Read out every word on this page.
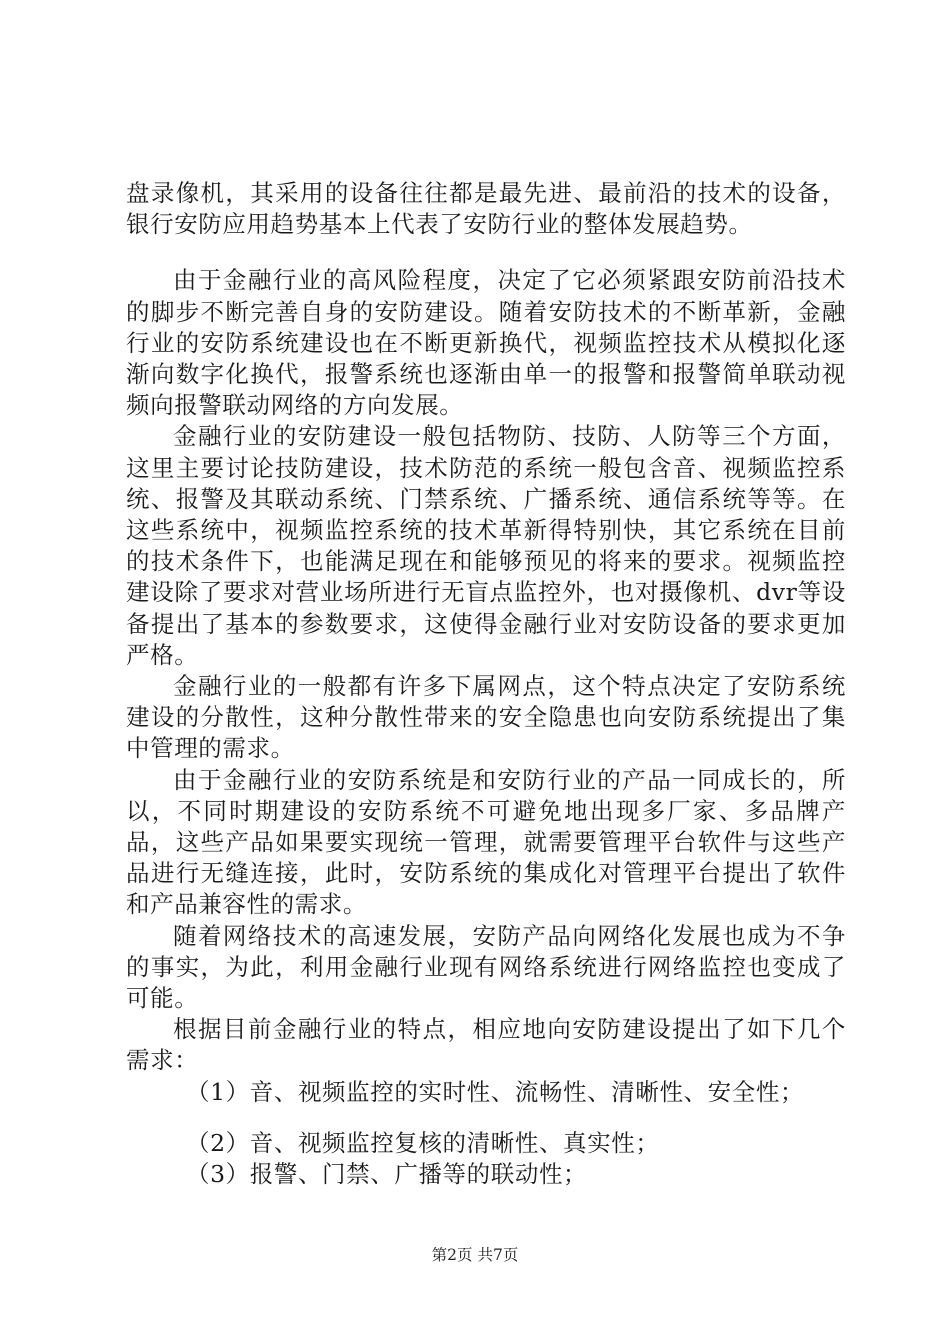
盘录像机，其采用的设备往往都是最先进、最前沿的技术的设备，银行安防应用趋势基本上代表了安防行业的整体发展趋势。

由于金融行业的高风险程度，决定了它必须紧跟安防前沿技术的脚步不断完善自身的安防建设。随着安防技术的不断革新，金融行业的安防系统建设也在不断更新换代，视频监控技术从模拟化逐渐向数字化换代，报警系统也逐渐由单一的报警和报警简单联动视频向报警联动网络的方向发展。

金融行业的安防建设一般包括物防、技防、人防等三个方面，这里主要讨论技防建设，技术防范的系统一般包含音、视频监控系统、报警及其联动系统、门禁系统、广播系统、通信系统等等。在这些系统中，视频监控系统的技术革新得特别快，其它系统在目前的技术条件下，也能满足现在和能够预见的将来的要求。视频监控建设除了要求对营业场所进行无盲点监控外，也对摄像机、dvr等设备提出了基本的参数要求，这使得金融行业对安防设备的要求更加严格。

金融行业的一般都有许多下属网点，这个特点决定了安防系统建设的分散性，这种分散性带来的安全隐患也向安防系统提出了集中管理的需求。

由于金融行业的安防系统是和安防行业的产品一同成长的，所以，不同时期建设的安防系统不可避免地出现多厂家、多品牌产品，这些产品如果要实现统一管理，就需要管理平台软件与这些产品进行无缝连接，此时，安防系统的集成化对管理平台提出了软件和产品兼容性的需求。

随着网络技术的高速发展，安防产品向网络化发展也成为不争的事实，为此，利用金融行业现有网络系统进行网络监控也变成了可能。

根据目前金融行业的特点，相应地向安防建设提出了如下几个需求：

（1）音、视频监控的实时性、流畅性、清晰性、安全性；

（2）音、视频监控复核的清晰性、真实性；

（3）报警、门禁、广播等的联动性；

第2页 共7页
